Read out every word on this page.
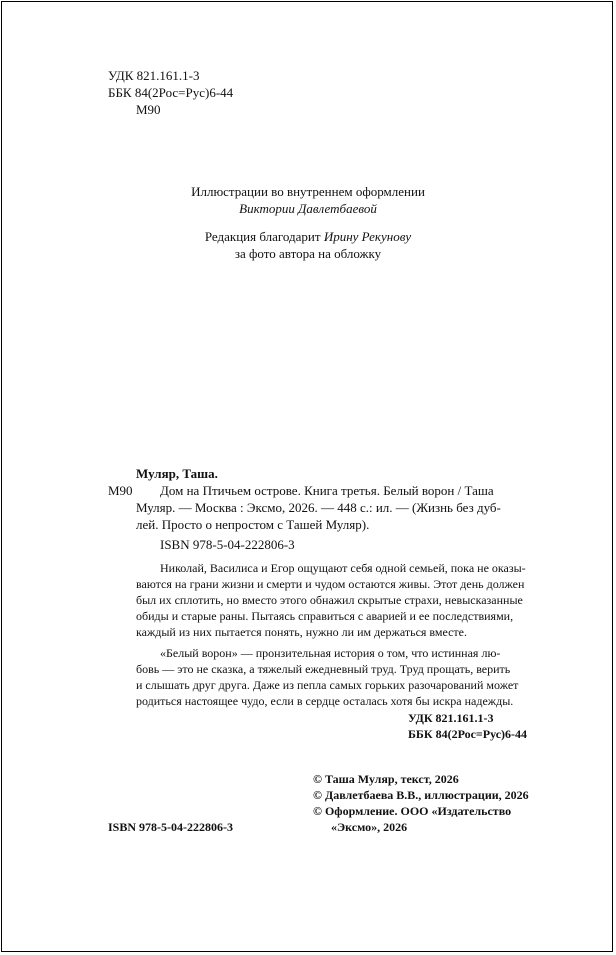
УДК 821.161.1-3
ББК 84(2Рос=Рус)6-44
М90
Иллюстрации во внутреннем оформлении
Виктории Давлетбаевой
Редакция благодарит Ирину Рекунову
за фото автора на обложку
Муляр, Таша.
М90 Дом на Птичьем острове. Книга третья. Белый ворон / Таша
Муляр. — Москва : Эксмо, 2026. — 448 с.: ил. — (Жизнь без дуб-
лей. Просто о непростом с Ташей Муляр).
ISBN 978-5-04-222806-3
Николай, Василиса и Егор ощущают себя одной семьей, пока не оказы-
ваются на грани жизни и смерти и чудом остаются живы. Этот день должен
был их сплотить, но вместо этого обнажил скрытые страхи, невысказанные
обиды и старые раны. Пытаясь справиться с аварией и ее последствиями,
каждый из них пытается понять, нужно ли им держаться вместе.
«Белый ворон» — пронзительная история о том, что истинная лю-
бовь — это не сказка, а тяжелый ежедневный труд. Труд прощать, верить
и слышать друг друга. Даже из пепла самых горьких разочарований может
родиться настоящее чудо, если в сердце осталась хотя бы искра надежды.
УДК 821.161.1-3
ББК 84(2Рос=Рус)6-44
© Таша Муляр, текст, 2026
© Давлетбаева В.В., иллюстрации, 2026
© Оформление. ООО «Издательство
«Эксмо», 2026
ISBN 978-5-04-222806-3
